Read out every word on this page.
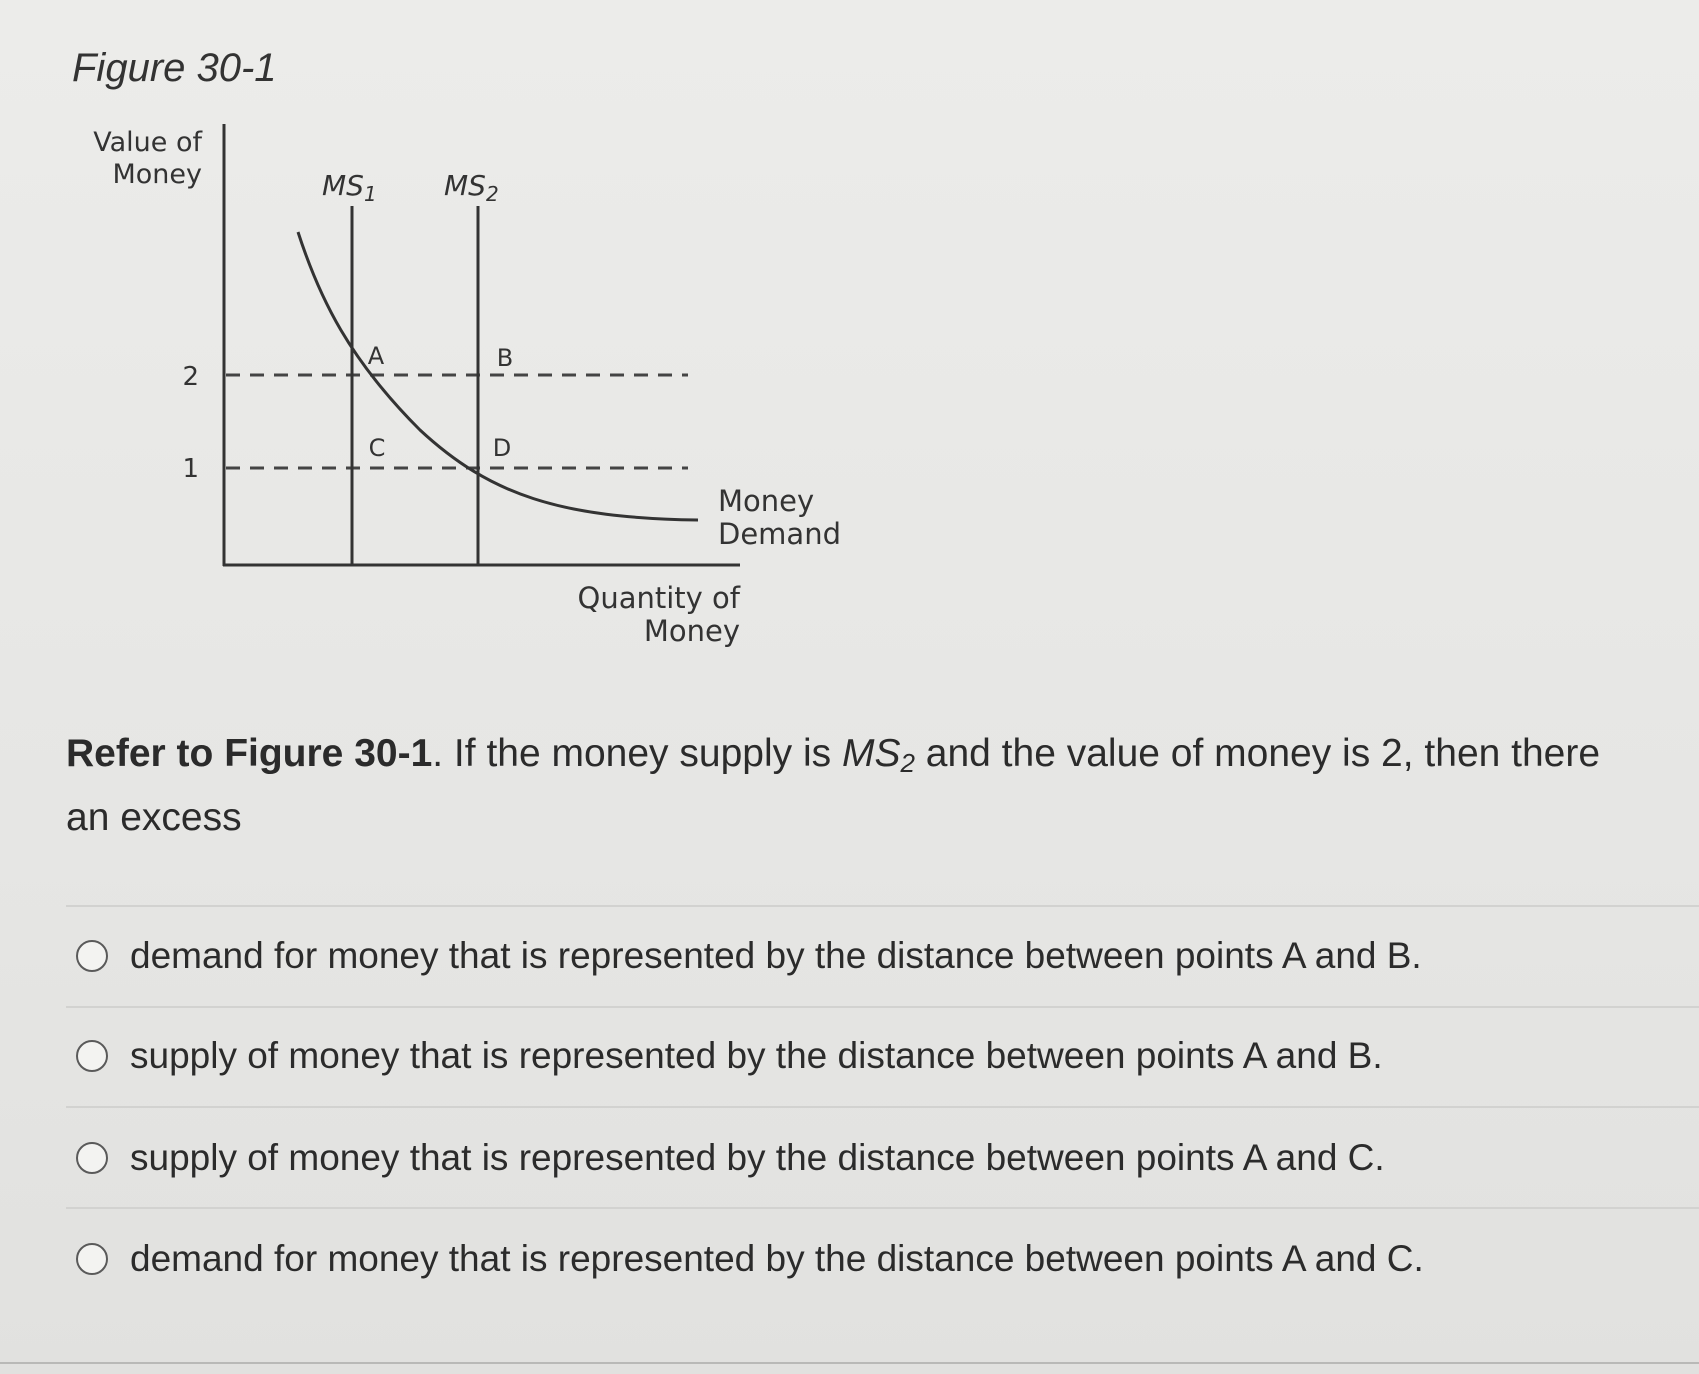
Figure 30-1
Value of
Money
2
1
$MS_1$ $MS_2$
Money
Demand
A	B
C	D
Quantity of
Money
Refer to Figure 30-1. If the money supply is $MS_2$ and the value of money is 2, then there
an excess
demand for money that is represented by the distance between points A and B.
supply of money that is represented by the distance between points A and B.
supply of money that is represented by the distance between points A and C.
demand for money that is represented by the distance between points A and C.
